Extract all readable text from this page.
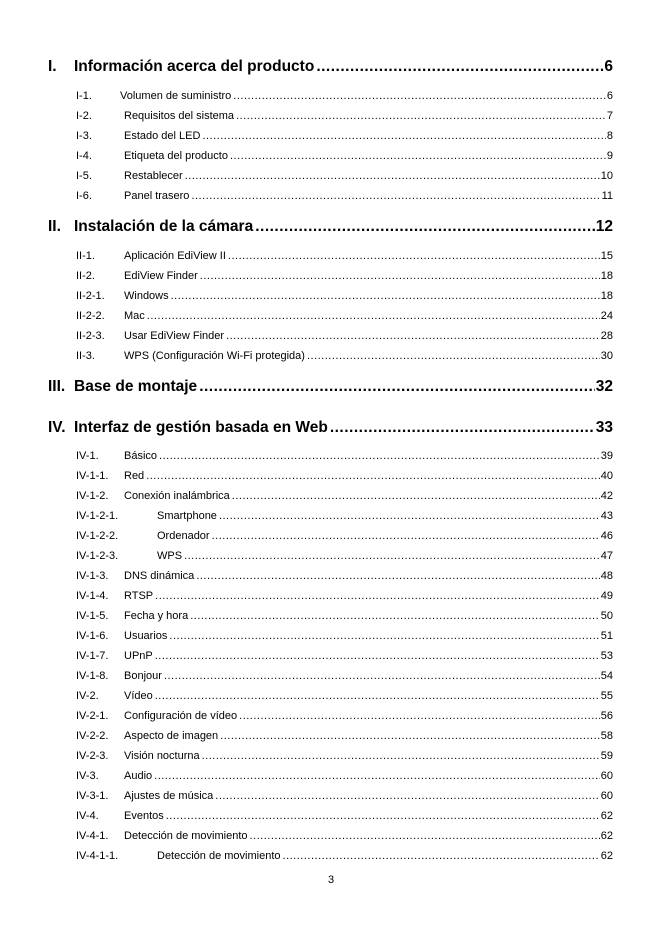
I.	Información acerca del producto .....	6
I-1.	Volumen de suministro .....	6
I-2.	Requisitos del sistema .....	7
I-3.	Estado del LED .....	8
I-4.	Etiqueta del producto .....	9
I-5.	Restablecer .....	10
I-6.	Panel trasero .....	11
II. Instalación de la cámara .....	12
II-1.	Aplicación EdiView II .....	15
II-2.	EdiView Finder .....	18
II-2-1.	Windows .....	18
II-2-2.	Mac .....	24
II-2-3.	Usar EdiView Finder .....	28
II-3.	WPS (Configuración Wi-Fi protegida) .....	30
III. Base de montaje .....	32
IV. Interfaz de gestión basada en Web .....	33
IV-1.	Básico .....	39
IV-1-1.	Red .....	40
IV-1-2.	Conexión inalámbrica .....	42
IV-1-2-1.	Smartphone .....	43
IV-1-2-2.	Ordenador .....	46
IV-1-2-3.	WPS .....	47
IV-1-3.	DNS dinámica .....	48
IV-1-4.	RTSP .....	49
IV-1-5.	Fecha y hora .....	50
IV-1-6.	Usuarios .....	51
IV-1-7.	UPnP .....	53
IV-1-8.	Bonjour .....	54
IV-2.	Vídeo .....	55
IV-2-1.	Configuración de vídeo .....	56
IV-2-2.	Aspecto de imagen .....	58
IV-2-3.	Visión nocturna .....	59
IV-3.	Audio .....	60
IV-3-1.	Ajustes de música .....	60
IV-4.	Eventos .....	62
IV-4-1.	Detección de movimiento .....	62
IV-4-1-1.	Detección de movimiento .....	62
3
